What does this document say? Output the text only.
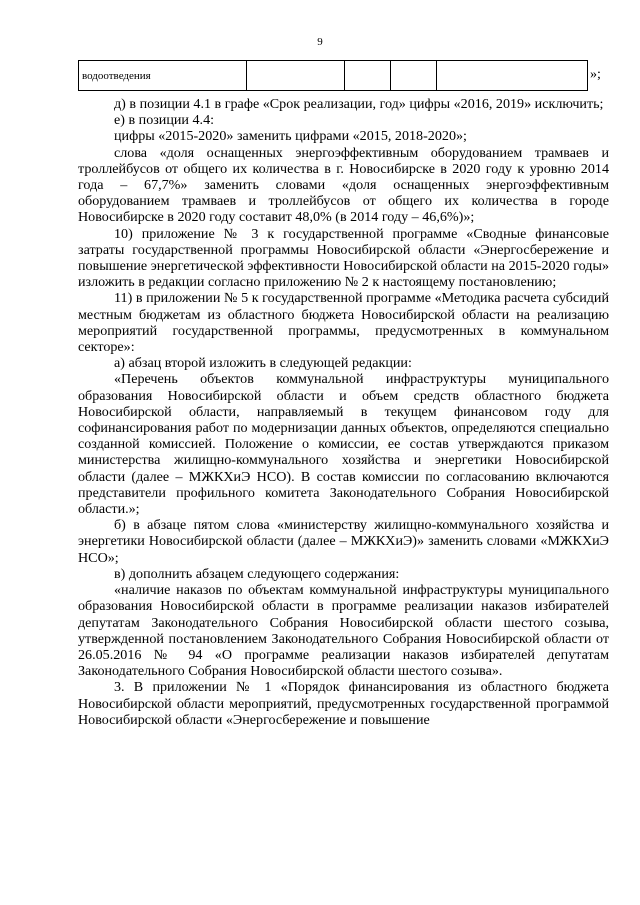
9
водоотведения					»;

д) в позиции 4.1 в графе «Срок реализации, год» цифры «2016, 2019» исключить;

е) в позиции 4.4:

цифры «2015-2020» заменить цифрами «2015, 2018-2020»;

слова «доля оснащенных энергоэффективным оборудованием трамваев и троллейбусов от общего их количества в г. Новосибирске в 2020 году к уровню 2014 года – 67,7%» заменить словами «доля оснащенных энергоэффективным оборудованием трамваев и троллейбусов от общего их количества в городе Новосибирске в 2020 году составит 48,0% (в 2014 году – 46,6%)»;

10) приложение № 3 к государственной программе «Сводные финансовые затраты государственной программы Новосибирской области «Энергосбережение и повышение энергетической эффективности Новосибирской области на 2015-2020 годы» изложить в редакции согласно приложению № 2 к настоящему постановлению;

11) в приложении № 5 к государственной программе «Методика расчета субсидий местным бюджетам из областного бюджета Новосибирской области на реализацию мероприятий государственной программы, предусмотренных в коммунальном секторе»:

а) абзац второй изложить в следующей редакции:

«Перечень объектов коммунальной инфраструктуры муниципального образования Новосибирской области и объем средств областного бюджета Новосибирской области, направляемый в текущем финансовом году для софинансирования работ по модернизации данных объектов, определяются специально созданной комиссией. Положение о комиссии, ее состав утверждаются приказом министерства жилищно-коммунального хозяйства и энергетики Новосибирской области (далее – МЖКХиЭ НСО). В состав комиссии по согласованию включаются представители профильного комитета Законодательного Собрания Новосибирской области.»;

б) в абзаце пятом слова «министерству жилищно-коммунального хозяйства и энергетики Новосибирской области (далее – МЖКХиЭ)» заменить словами «МЖКХиЭ НСО»;

в) дополнить абзацем следующего содержания:

«наличие наказов по объектам коммунальной инфраструктуры муниципального образования Новосибирской области в программе реализации наказов избирателей депутатам Законодательного Собрания Новосибирской области шестого созыва, утвержденной постановлением Законодательного Собрания Новосибирской области от 26.05.2016 № 94 «О программе реализации наказов избирателей депутатам Законодательного Собрания Новосибирской области шестого созыва».

3. В приложении № 1 «Порядок финансирования из областного бюджета Новосибирской области мероприятий, предусмотренных государственной программой Новосибирской области «Энергосбережение и повышение
